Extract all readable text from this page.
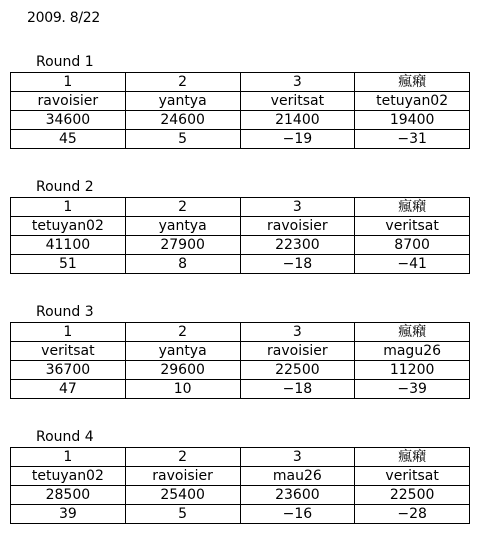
2009. 8/22
Round 1
1	2	3	瘋癪
ravoisier	yantya	veritsat	tetuyan02
34600	24600	21400	19400
45	5	−19	−31
Round 2
1	2	3	瘋癪
tetuyan02	yantya	ravoisier	veritsat
41100	27900	22300	8700
51	8	−18	−41
Round 3
1	2	3	瘋癪
veritsat	yantya	ravoisier	magu26
36700	29600	22500	11200
47	10	−18	−39
Round 4
1	2	3	瘋癪
tetuyan02	ravoisier	mau26	veritsat
28500	25400	23600	22500
39	5	−16	−28
